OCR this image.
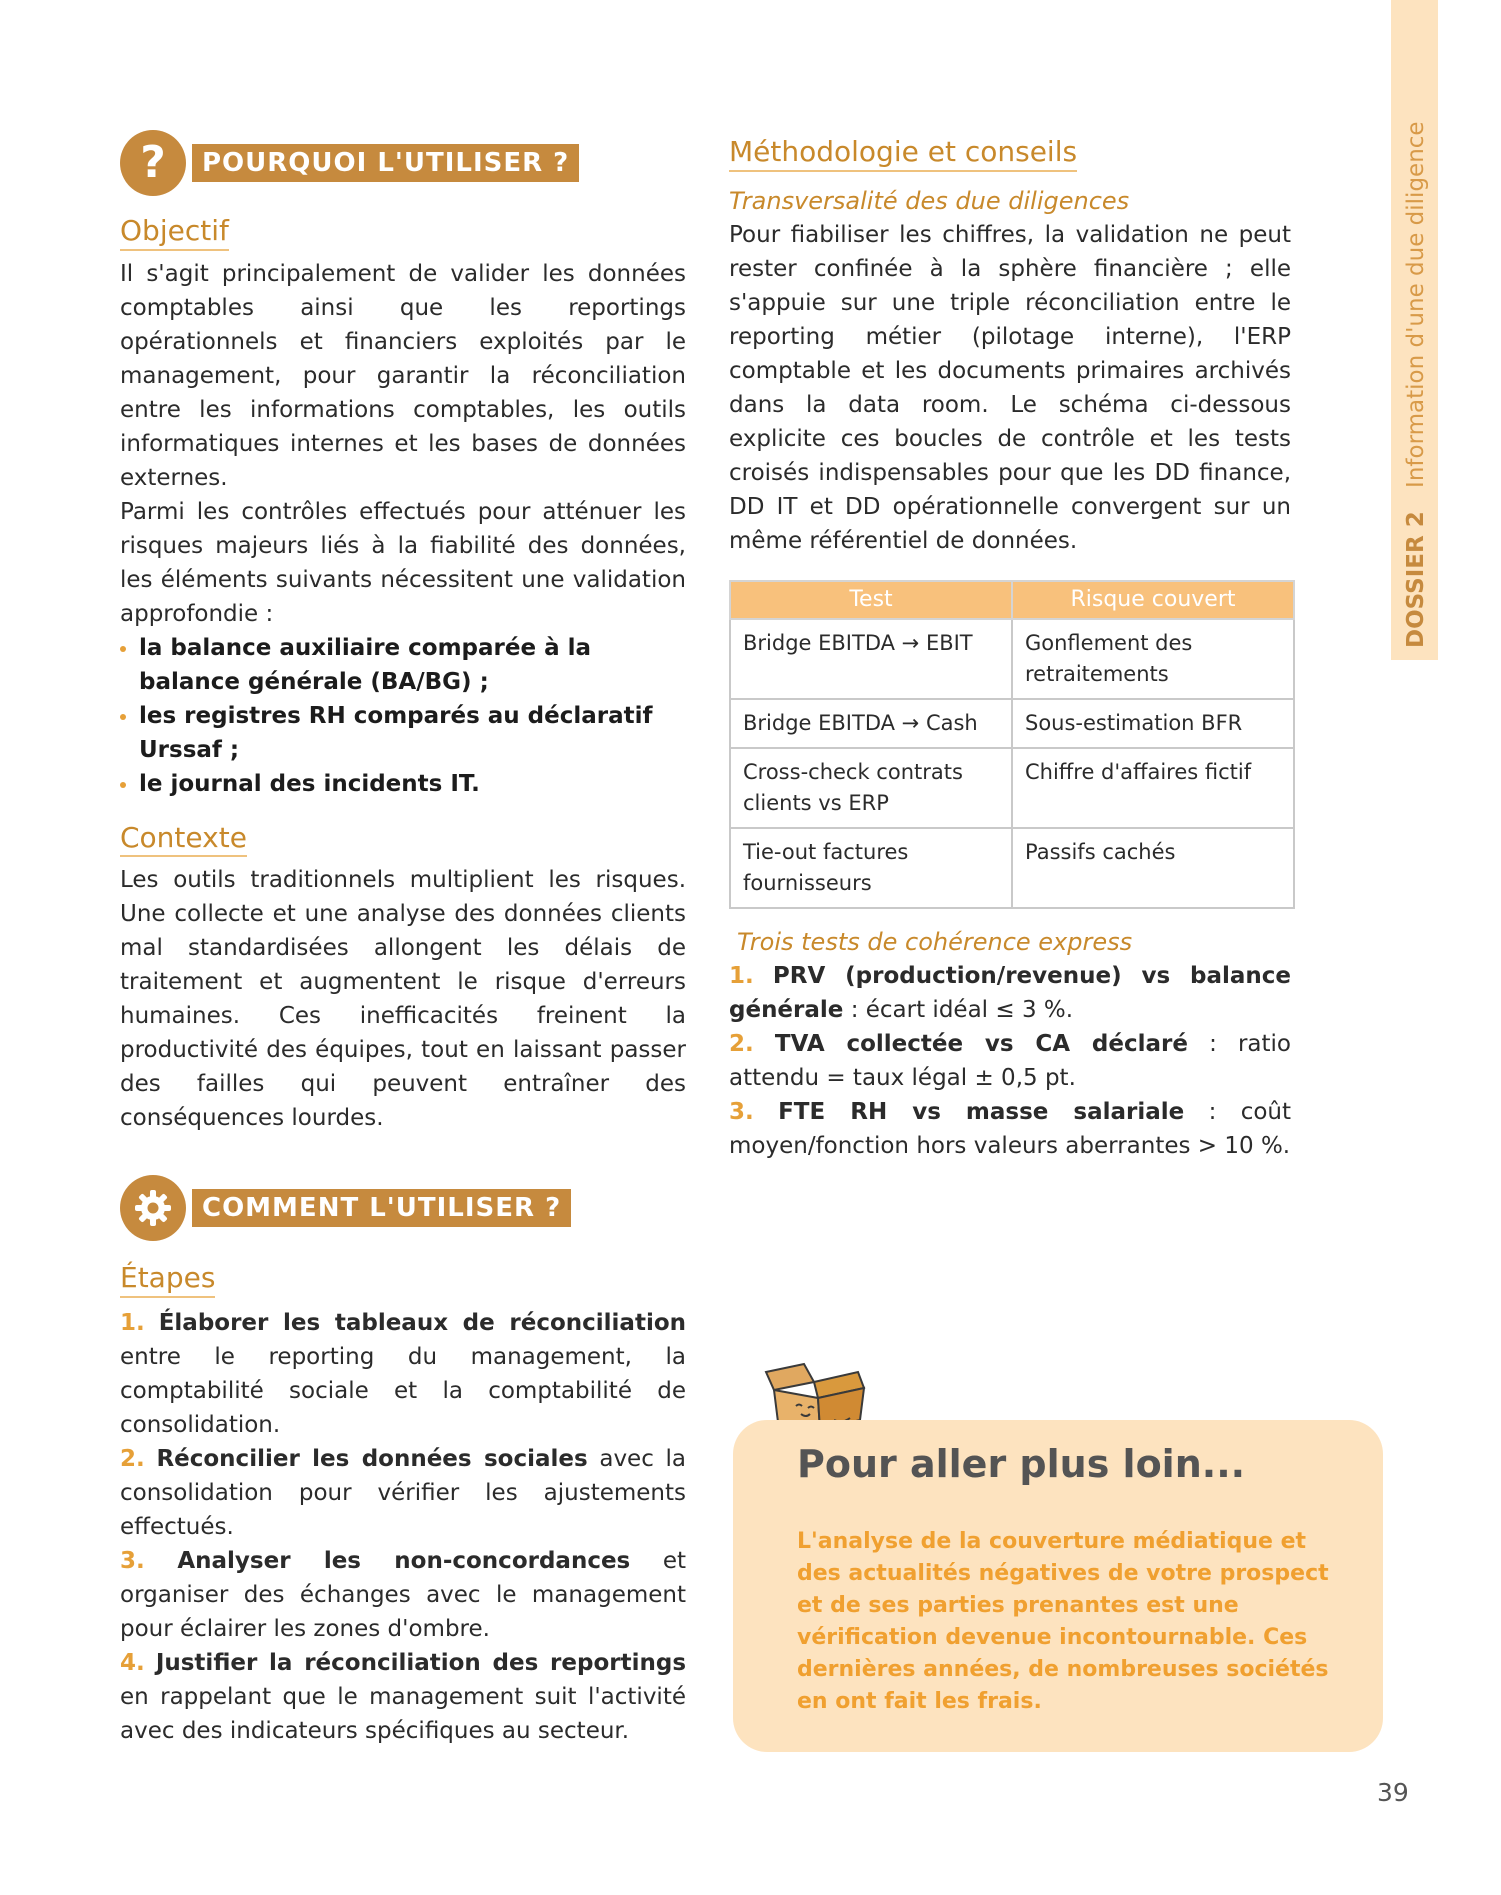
DOSSIER 2 Information d'une due diligence
?	POURQUOI L'UTILISER ?
Objectif

Il s'agit principalement de valider les données comptables ainsi que les reportings opérationnels et financiers exploités par le management, pour garantir la réconciliation entre les informations comptables, les outils informatiques internes et les bases de données externes.

Parmi les contrôles effectués pour atténuer les risques majeurs liés à la fiabilité des données, les éléments suivants nécessitent une validation approfondie :

la balance auxiliaire comparée à la balance générale (BA/BG) ;
les registres RH comparés au déclaratif Urssaf ;
le journal des incidents IT.
Contexte

Les outils traditionnels multiplient les risques. Une collecte et une analyse des données clients mal standardisées allongent les délais de traitement et augmentent le risque d'erreurs humaines. Ces inefficacités freinent la productivité des équipes, tout en laissant passer des failles qui peuvent entraîner des conséquences lourdes.

COMMENT L'UTILISER ?
Étapes

1. Élaborer les tableaux de réconciliation entre le reporting du management, la comptabilité sociale et la comptabilité de consolidation.

2. Réconcilier les données sociales avec la consolidation pour vérifier les ajustements effectués.

3. Analyser les non-concordances et organiser des échanges avec le management pour éclairer les zones d'ombre.

4. Justifier la réconciliation des reportings en rappelant que le management suit l'activité avec des indicateurs spécifiques au secteur.

Méthodologie et conseils

Transversalité des due diligences

Pour fiabiliser les chiffres, la validation ne peut rester confinée à la sphère financière ; elle s'appuie sur une triple réconciliation entre le reporting métier (pilotage interne), l'ERP comptable et les documents primaires archivés dans la data room. Le schéma ci-dessous explicite ces boucles de contrôle et les tests croisés indispensables pour que les DD finance, DD IT et DD opérationnelle convergent sur un même référentiel de données.

Test	Risque couvert
Bridge EBITDA → EBIT	Gonflement des retraitements
Bridge EBITDA → Cash	Sous-estimation BFR
Cross-check contrats clients vs ERP	Chiffre d'affaires fictif
Tie-out factures fournisseurs	Passifs cachés

Trois tests de cohérence express

1. PRV (production/revenue) vs balance générale : écart idéal ≤ 3 %.

2. TVA collectée vs CA déclaré : ratio attendu = taux légal ± 0,5 pt.

3. FTE RH vs masse salariale : coût moyen/fonction hors valeurs aberrantes > 10 %.

Pour aller plus loin...

L'analyse de la couverture médiatique et des actualités négatives de votre prospect et de ses parties prenantes est une vérification devenue incontournable. Ces dernières années, de nombreuses sociétés en ont fait les frais.

39
